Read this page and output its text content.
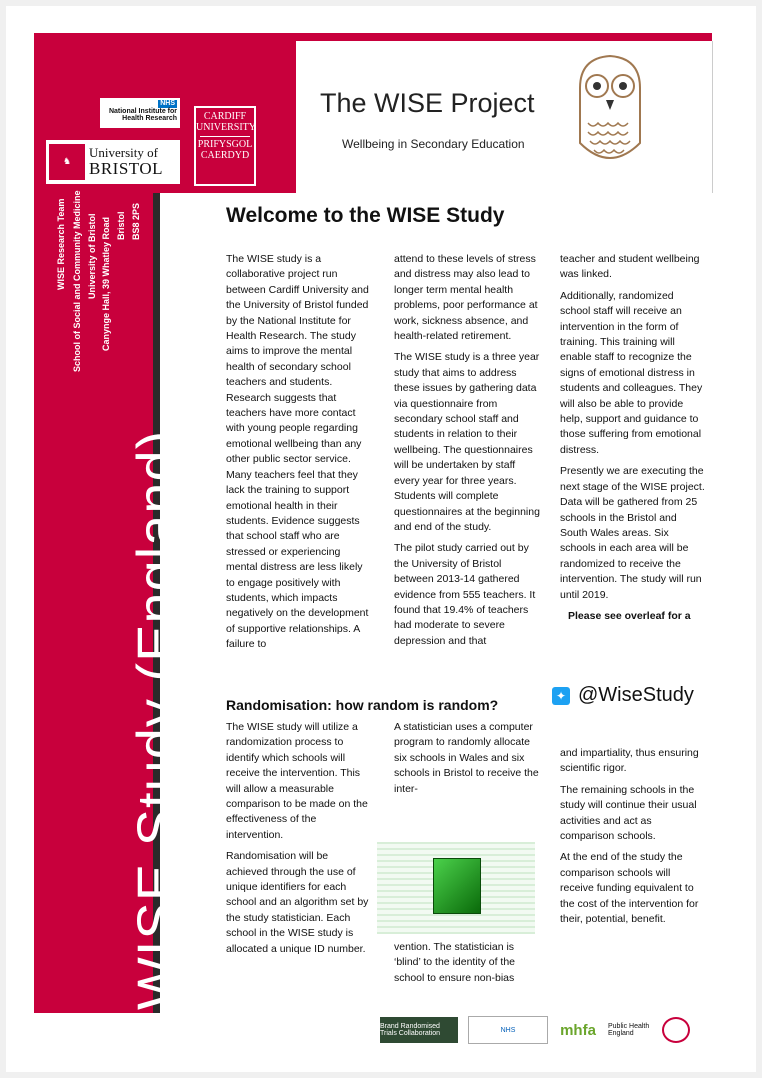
NHS
National Institute for Health Research
♞
University of
BRISTOL
CARDIFF UNIVERSITY
PRIFYSGOL CAERDYD
The WISE Project
Wellbeing in Secondary Education
WISE Research Team School of Social and Community Medicine University of Bristol Canynge Hall, 39 Whatley Road Bristol BS8 2PS
WISE Study (England)
Welcome to the WISE Study

The WISE study is a collaborative project run between Cardiff University and the University of Bristol funded by the National Institute for Health Research. The study aims to improve the mental health of secondary school teachers and students. Research suggests that teachers have more contact with young people regarding emotional wellbeing than any other public sector service. Many teachers feel that they lack the training to support emotional health in their students. Evidence suggests that school staff who are stressed or experiencing mental distress are less likely to engage positively with students, which impacts negatively on the development of supportive relationships. A failure to

attend to these levels of stress and distress may also lead to longer term mental health problems, poor performance at work, sickness absence, and health-related retirement.

The WISE study is a three year study that aims to address these issues by gathering data via questionnaire from secondary school staff and students in relation to their wellbeing. The questionnaires will be undertaken by staff every year for three years. Students will complete questionnaires at the beginning and end of the study.

The pilot study carried out by the University of Bristol between 2013-14 gathered evidence from 555 teachers. It found that 19.4% of teachers had moderate to severe depression and that

teacher and student wellbeing was linked.

Additionally, randomized school staff will receive an intervention in the form of training. This training will enable staff to recognize the signs of emotional distress in students and colleagues. They will also be able to provide help, support and guidance to those suffering from emotional distress.

Presently we are executing the next stage of the WISE project. Data will be gathered from 25 schools in the Bristol and South Wales areas. Six schools in each area will be randomized to receive the intervention. The study will run until 2019.

Please see overleaf for a

✦ @WiseStudy
Randomisation: how random is random?

The WISE study will utilize a randomization process to identify which schools will receive the intervention. This will allow a measurable comparison to be made on the effectiveness of the intervention.

Randomisation will be achieved through the use of unique identifiers for each school and an algorithm set by the study statistician. Each school in the WISE study is allocated a unique ID number.

A statistician uses a computer program to randomly allocate six schools in Wales and six schools in Bristol to receive the inter-

vention. The statistician is ‘blind’ to the identity of the school to ensure non-bias

and impartiality, thus ensuring scientific rigor.

The remaining schools in the study will continue their usual activities and act as comparison schools.

At the end of the study the comparison schools will receive funding equivalent to the cost of the intervention for their, potential, benefit.

Brand Randomised Trials Collaboration	NHS	mhfa Public Health England
